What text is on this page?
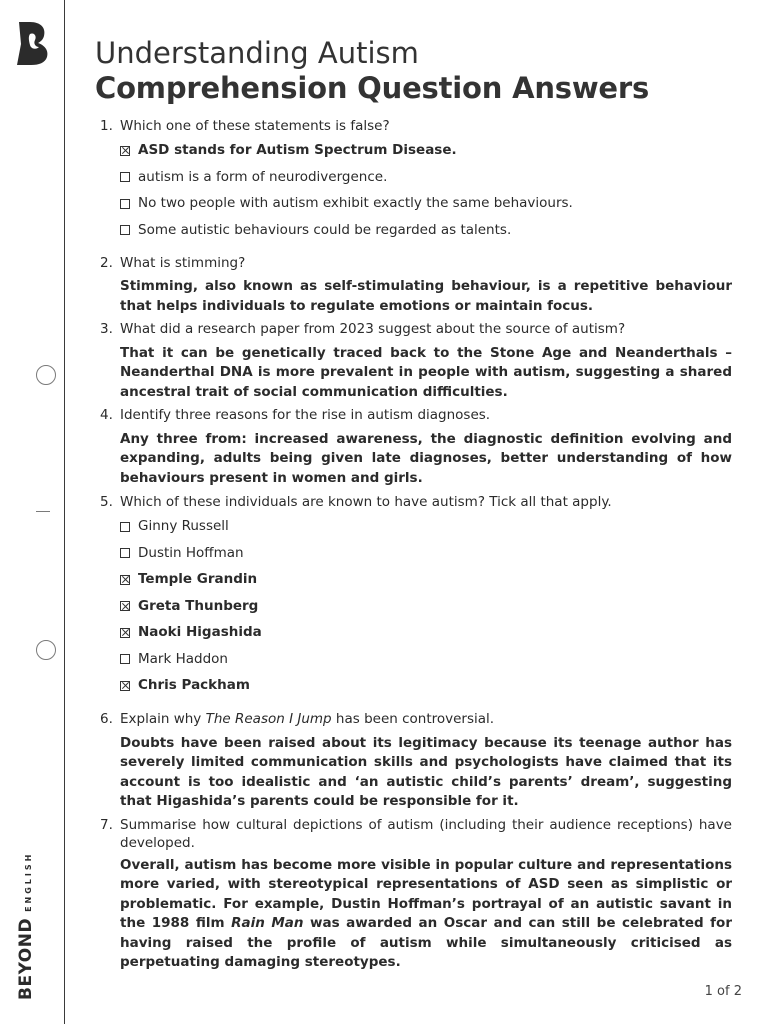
BEYOND
ENGLISH
Understanding Autism
Comprehension Question Answers
1. Which one of these statements is false?
ASD stands for Autism Spectrum Disease.
autism is a form of neurodivergence.
No two people with autism exhibit exactly the same behaviours.
Some autistic behaviours could be regarded as talents.
2. What is stimming?
Stimming, also known as self-stimulating behaviour, is a repetitive behaviour that helps individuals to regulate emotions or maintain focus.
3. What did a research paper from 2023 suggest about the source of autism?
That it can be genetically traced back to the Stone Age and Neanderthals – Neanderthal DNA is more prevalent in people with autism, suggesting a shared ancestral trait of social communication difficulties.
4. Identify three reasons for the rise in autism diagnoses.
Any three from: increased awareness, the diagnostic definition evolving and expanding, adults being given late diagnoses, better understanding of how behaviours present in women and girls.
5. Which of these individuals are known to have autism? Tick all that apply.
Ginny Russell
Dustin Hoffman
Temple Grandin
Greta Thunberg
Naoki Higashida
Mark Haddon
Chris Packham
6. Explain why The Reason I Jump has been controversial.
Doubts have been raised about its legitimacy because its teenage author has severely limited communication skills and psychologists have claimed that its account is too idealistic and ‘an autistic child’s parents’ dream’, suggesting that Higashida’s parents could be responsible for it.
7. Summarise how cultural depictions of autism (including their audience receptions) have developed.
Overall, autism has become more visible in popular culture and representations more varied, with stereotypical representations of ASD seen as simplistic or problematic. For example, Dustin Hoffman’s portrayal of an autistic savant in the 1988 film Rain Man was awarded an Oscar and can still be celebrated for having raised the profile of autism while simultaneously criticised as perpetuating damaging stereotypes.
1 of 2
